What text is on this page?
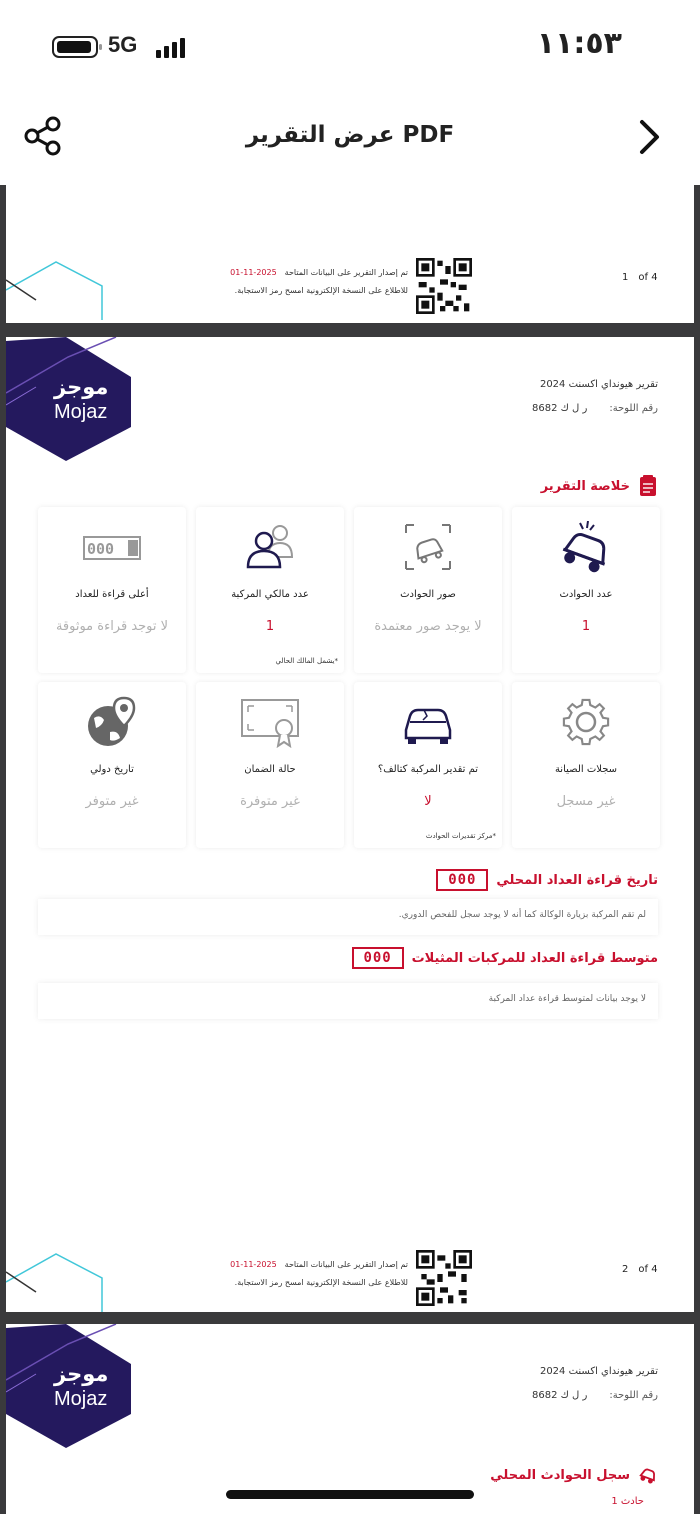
5G	١١:٥٣
عرض التقرير PDF
تم إصدار التقرير على البيانات المتاحة2025-11-01
للاطلاع على النسخة الإلكترونية امسح رمز الاستجابة.
1 of 4
موجز
Mojaz
تقرير هيونداي اكسنت 2024
رقم اللوحة:ر ل ك 8682
خلاصة التقرير
عدد الحوادث
1
صور الحوادث
لا يوجد صور معتمدة
عدد مالكي المركبة
1
*يشمل المالك الحالي
000
أعلى قراءة للعداد
لا توجد قراءة موثوقة
سجلات الصيانة
غير مسجل
تم تقدير المركبة كتالف؟
لا
*مركز تقديرات الحوادث
حالة الضمان
غير متوفرة
تاريخ دولي
غير متوفر
تاريخ قراءة العداد المحلي
000
لم تقم المركبة بزيارة الوكالة كما أنه لا يوجد سجل للفحص الدوري.
متوسط قراءة العداد للمركبات المثيلات
000
لا يوجد بيانات لمتوسط قراءة عداد المركبة
تم إصدار التقرير على البيانات المتاحة2025-11-01
للاطلاع على النسخة الإلكترونية امسح رمز الاستجابة.
2 of 4
موجز
Mojaz
تقرير هيونداي اكسنت 2024
رقم اللوحة:ر ل ك 8682
سجل الحوادث المحلي
حادث 1
